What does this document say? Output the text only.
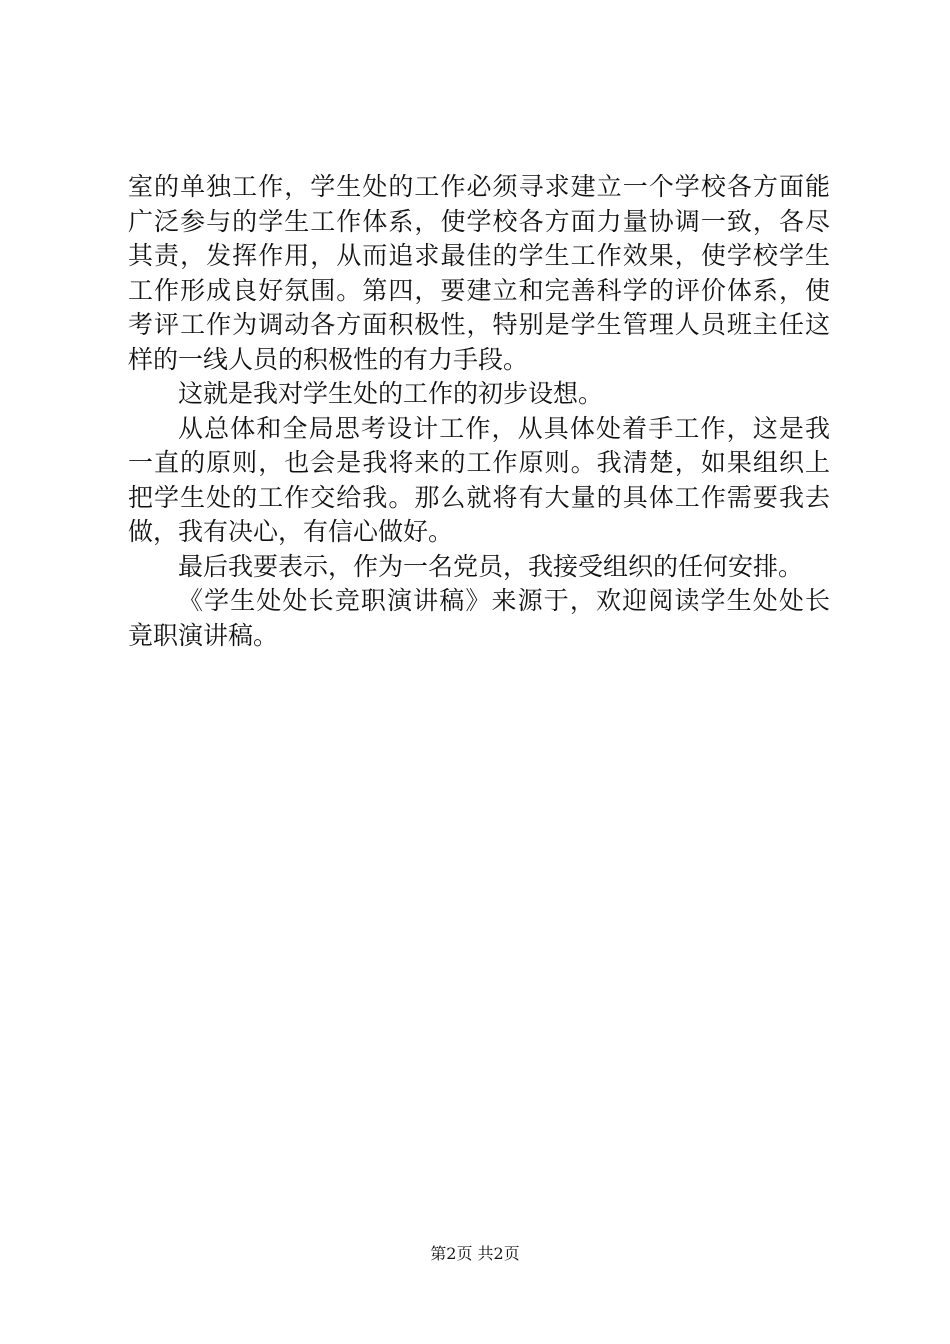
室的单独工作，学生处的工作必须寻求建立一个学校各方面能
广泛参与的学生工作体系，使学校各方面力量协调一致，各尽
其责，发挥作用，从而追求最佳的学生工作效果，使学校学生
工作形成良好氛围。第四，要建立和完善科学的评价体系，使
考评工作为调动各方面积极性，特别是学生管理人员班主任这
样的一线人员的积极性的有力手段。
这就是我对学生处的工作的初步设想。
从总体和全局思考设计工作，从具体处着手工作，这是我
一直的原则，也会是我将来的工作原则。我清楚，如果组织上
把学生处的工作交给我。那么就将有大量的具体工作需要我去
做，我有决心，有信心做好。
最后我要表示，作为一名党员，我接受组织的任何安排。
《学生处处长竞职演讲稿》来源于，欢迎阅读学生处处长
竟职演讲稿。
第2页 共2页
